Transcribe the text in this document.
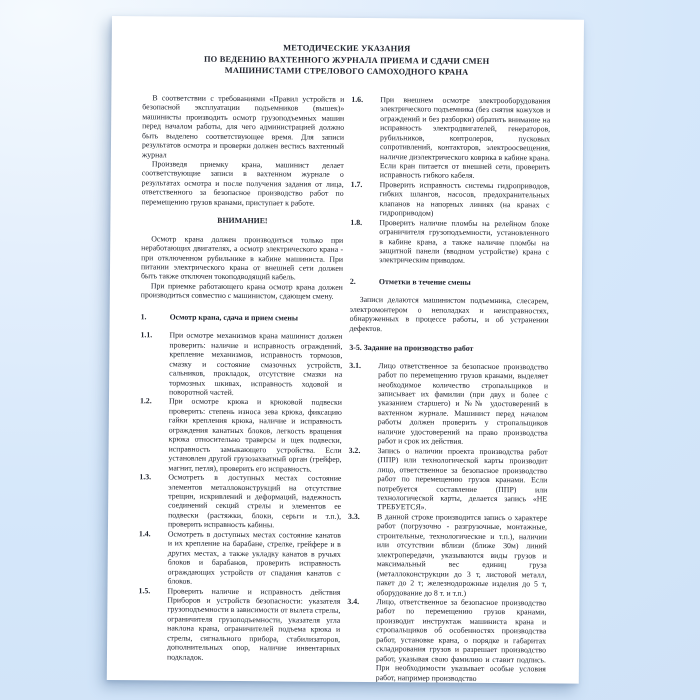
МЕТОДИЧЕСКИЕ УКАЗАНИЯ
ПО ВЕДЕНИЮ ВАХТЕННОГО ЖУРНАЛА ПРИЕМА И СДАЧИ СМЕН
МАШИНИСТАМИ СТРЕЛОВОГО САМОХОДНОГО КРАНА

В соответствии с требованиями «Правил устройств и безопасной эксплуатации подъемников (вышек)» машинисты производить осмотр грузоподъемных машин перед началом работы, для чего администрацией должно быть выделено соответствующее время. Для записи результатов осмотра и проверки должен вестись вахтенный журнал

Произведя приемку крана, машинист делает соответствующие записи в вахтенном журнале о результатах осмотра и после получения задания от лица, ответственного за безопасное производство работ по перемещению грузов кранами, приступает к работе.

ВНИМАНИЕ!

Осмотр крана должен производиться только при неработающих двигателях, а осмотр электрического крана - при отключенном рубильнике в кабине машиниста. При питании электрического крана от внешней сети должен быть также отключен токоподводящий кабель.

При приемке работающего крана осмотр крана должен производиться совместно с машинистом, сдающем смену.

1.	Осмотр крана, сдача и прием смены
1.1.	При осмотре механизмов крана машинист должен проверить: наличие и исправность ограждений, крепление механизмов, исправность тормозов, смазку и состояние смазочных устройств, сальников, прокладок, отсутствие смазки на тормозных шкивах, исправность ходовой и поворотной частей.
1.2.	При осмотре крюка и крюковой подвески проверить: степень износа зева крюка, фиксацию гайки крепления крюка, наличие и исправность ограждения канатных блоков, легкость вращения крюка относительно траверсы и щек подвески, исправность замыкающего устройства. Если установлен другой грузозахватный орган (грейфер, магнит, петля), проверить его исправность.
1.3.	Осмотреть в доступных местах состояние элементов металлоконструкций на отсутствие трещин, искривлений и деформаций, надежность соединений секций стрелы и элементов ее подвески (растяжки, блоки, серьги и т.п.), проверить исправность кабины.
1.4.	Осмотреть в доступных местах состояние канатов и их крепление на барабане, стрелке, грейфере и в других местах, а также укладку канатов в ручьях блоков и барабанов, проверить исправность ограждающих устройств от спадания канатов с блоков.
1.5.	Проверить наличие и исправность действия Приборов и устройств безопасности: указателя грузоподъемности в зависимости от вылета стрелы, ограничителя грузоподъемности, указателя угла наклона крана, ограничителей подъема крюка и стрелы, сигнального прибора, стабилизаторов, дополнительных опор, наличие инвентарных подкладок.
1.6.	При внешнем осмотре электрооборудования электрического подъемника (без снятия кожухов и ограждений и без разборки) обратить внимание на исправность электродвигателей, генераторов, рубильников, контролеров, пусковых сопротивлений, контакторов, электроосвещения, наличие диэлектрического коврика в кабине крана. Если кран питается от внешней сети, проверить исправность гибкого кабеля.
1.7.	Проверить исправность системы гидроприводов, гибких шлангов, насосов, предохранительных клапанов на напорных линиях (на кранах с гидроприводом)
1.8.	Проверить наличие пломбы на релейном блоке ограничителя грузоподъемности, установленного в кабине крана, а также наличие пломбы на защитной панели (вводном устройстве) крана с электрическим приводом.
2.	Отметки в течение смены

Записи делаются машинистом подъемника, слесарем, электромонтером о неполадках и неисправностях, обнаруженных в процессе работы, и об устранении дефектов.

3-5. Задание на производство работ
3.1.	Лицо ответственное за безопасное производство работ по перемещению грузов кранами, выделяет необходимое количество стропальщиков и записывает их фамилии (при двух и более с указанием старшего) и №№ удостоверений в вахтенном журнале. Машинист перед началом работы должен проверить у стропальщиков наличие удостоверений на право производства работ и срок их действия.
3.2.	Запись о наличии проекта производства работ (ППР) или технологической карты производит лицо, ответственное за безопасное производство работ по перемещению грузов кранами. Если потребуется составление (ППР) или технологической карты, делается запись «НЕ ТРЕБУЕТСЯ».
3.3.	В данной строке производится запись о характере работ (погрузочно - разгрузочные, монтажные, строительные, технологические и т.п.), наличии или отсутствии вблизи (ближе 30м) линий электропередачи, указываются виды грузов и максимальный вес единиц груза (металлоконструкции до 3 т, листовой металл, пакет до 2 т; железнодорожные изделия до 5 т, оборудование до 8 т. и т.п.)
3.4.	Лицо, ответственное за безопасное производство работ по перемещению грузов кранами, производит инструктаж машиниста крана и стропальщиков об особенностях производства работ, установке крана, о порядке и габаритах складирования грузов и разрешает производство работ, указывая свою фамилию и ставит подпись. При необходимости указывает особые условия работ, например производство
